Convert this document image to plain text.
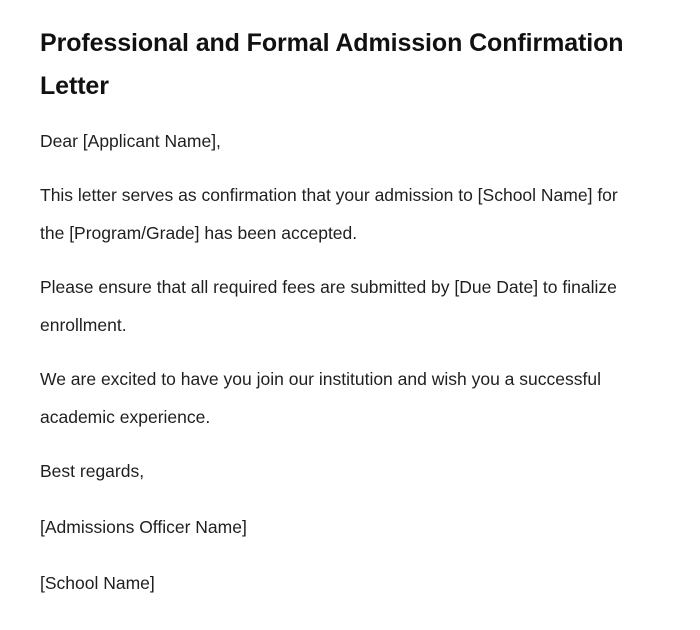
Professional and Formal Admission Confirmation Letter

Dear [Applicant Name],

This letter serves as confirmation that your admission to [School Name] for the [Program/Grade] has been accepted.

Please ensure that all required fees are submitted by [Due Date] to finalize enrollment.

We are excited to have you join our institution and wish you a successful academic experience.

Best regards,

[Admissions Officer Name]

[School Name]
